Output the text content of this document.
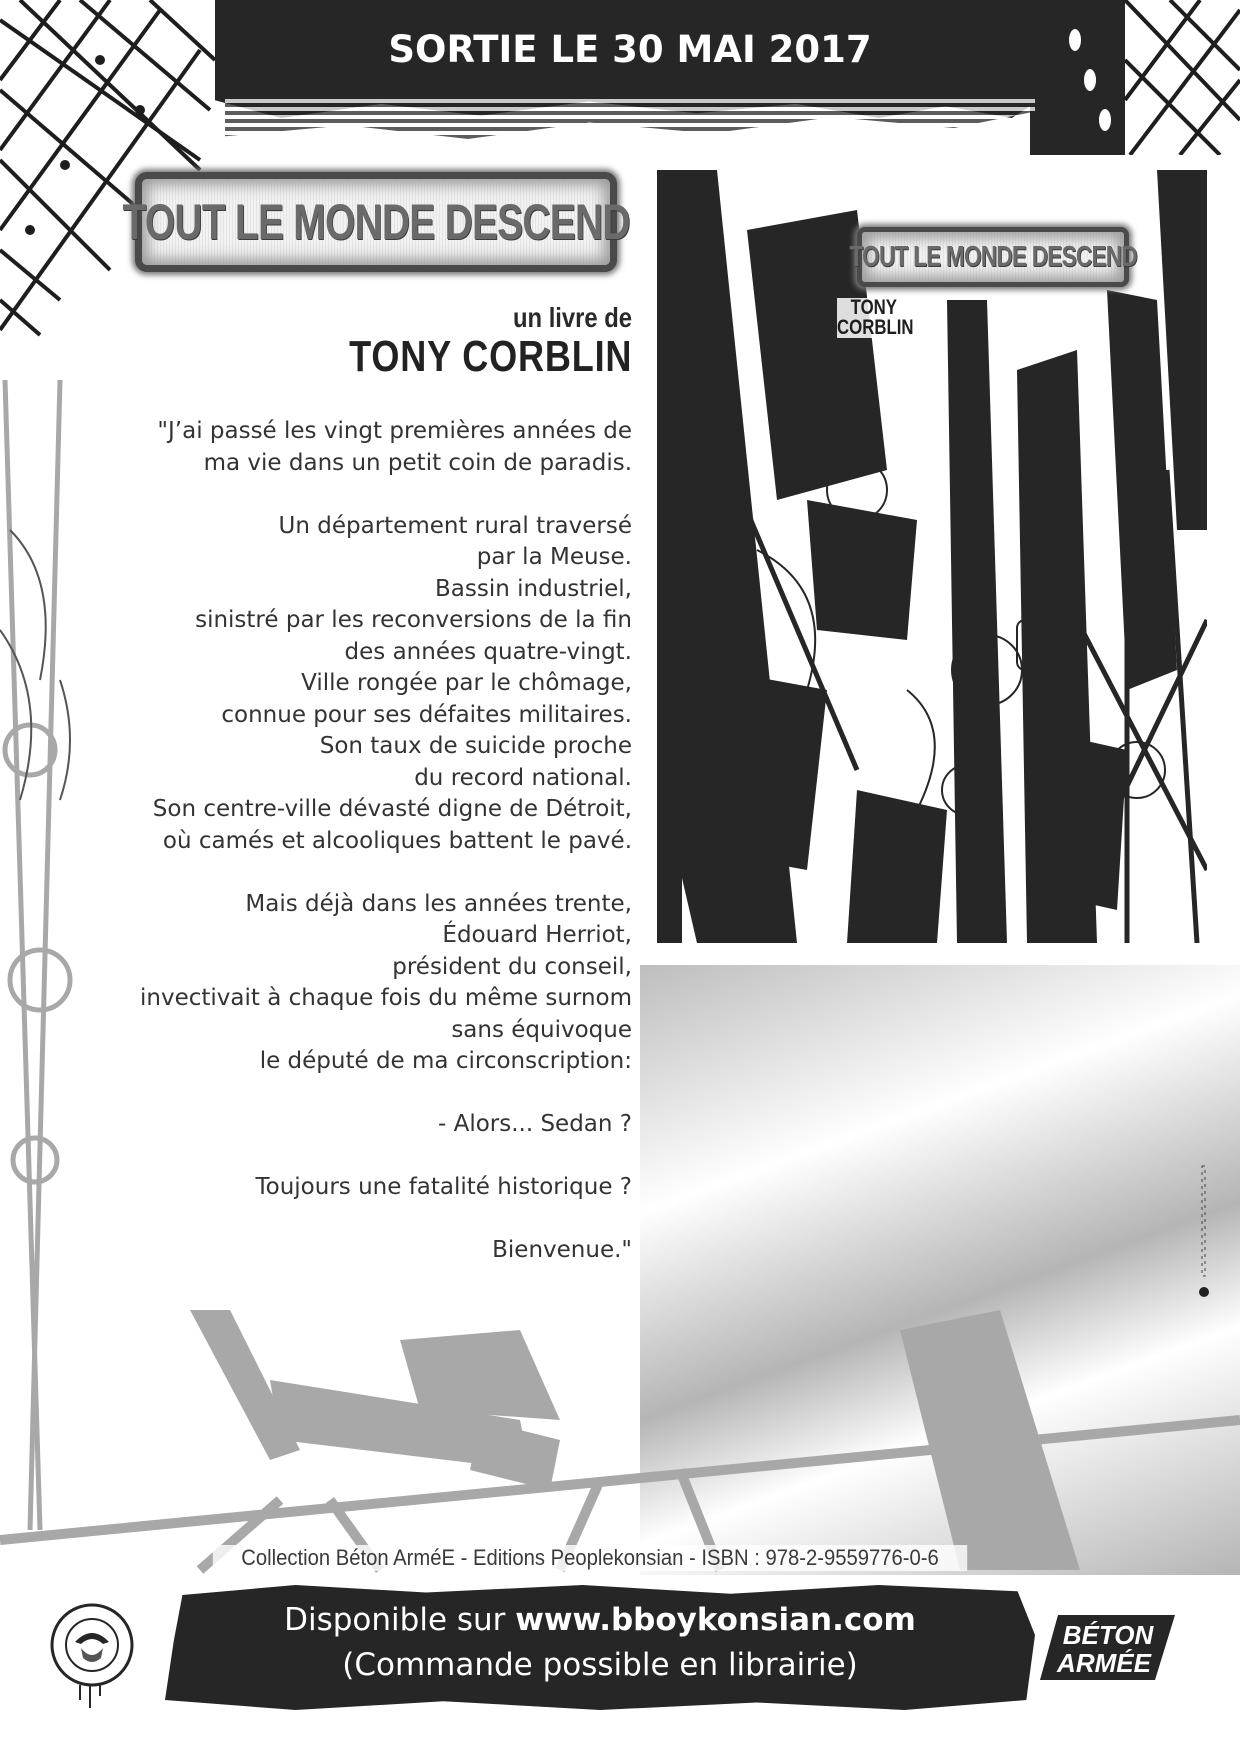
SORTIE LE 30 MAI 2017
TOUT LE MONDE DESCEND
un livre de
TONY CORBLIN
"J’ai passé les vingt premières années de
ma vie dans un petit coin de paradis.
Un département rural traversé
par la Meuse.
Bassin industriel,
sinistré par les reconversions de la fin
des années quatre-vingt.
Ville rongée par le chômage,
connue pour ses défaites militaires.
Son taux de suicide proche
du record national.
Son centre-ville dévasté digne de Détroit,
où camés et alcooliques battent le pavé.
Mais déjà dans les années trente,
Édouard Herriot,
président du conseil,
invectivait à chaque fois du même surnom
sans équivoque
le député de ma circonscription:
- Alors... Sedan ?
Toujours une fatalité historique ?
Bienvenue."
TOUT LE MONDE DESCEND
TONY
CORBLIN
Collection Béton ArméE - Editions Peoplekonsian - ISBN : 978-2-9559776-0-6
Disponible sur www.bboykonsian.com
(Commande possible en librairie)
BÉTON
ARMÉE
